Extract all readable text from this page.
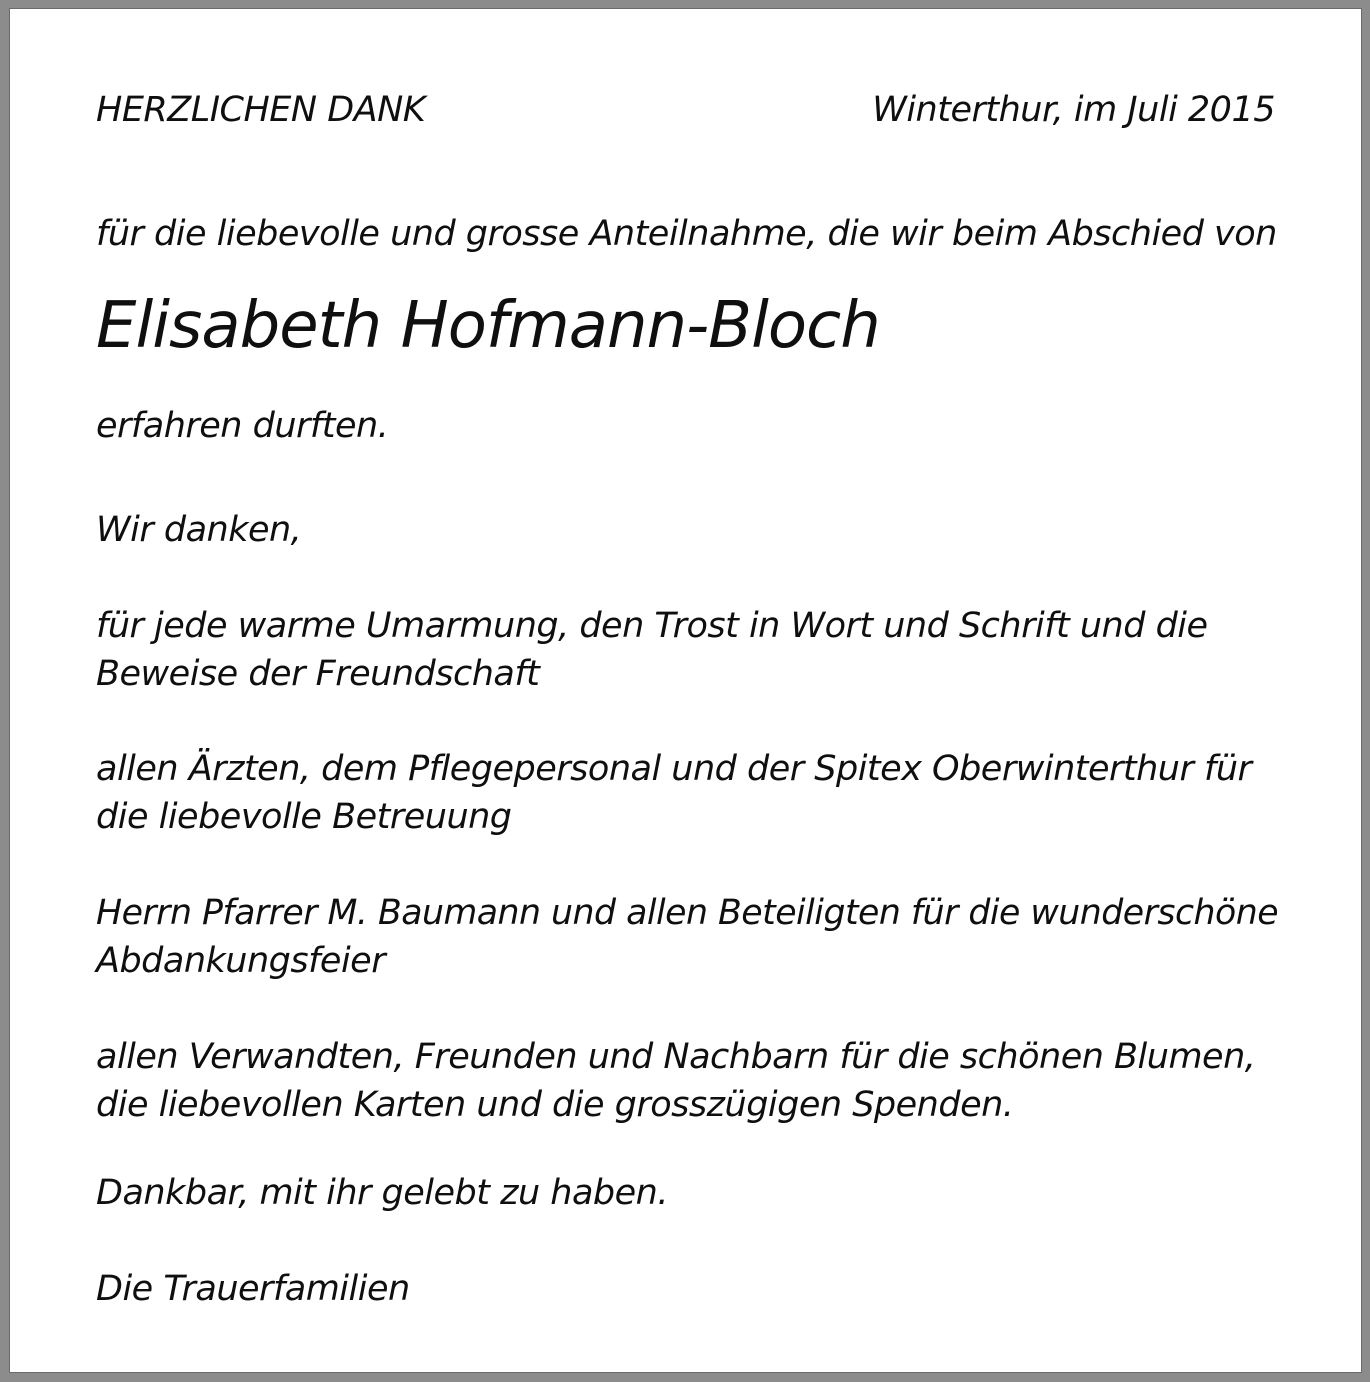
HERZLICHEN DANK	Winterthur, im Juli 2015

für die liebevolle und grosse Anteilnahme, die wir beim Abschied von

Elisabeth Hofmann-Bloch

erfahren durften.

Wir danken,

für jede warme Umarmung, den Trost in Wort und Schrift und die

Beweise der Freundschaft

allen Ärzten, dem Pflegepersonal und der Spitex Oberwinterthur für

die liebevolle Betreuung

Herrn Pfarrer M. Baumann und allen Beteiligten für die wunderschöne

Abdankungsfeier

allen Verwandten, Freunden und Nachbarn für die schönen Blumen,

die liebevollen Karten und die grosszügigen Spenden.

Dankbar, mit ihr gelebt zu haben.

Die Trauerfamilien
